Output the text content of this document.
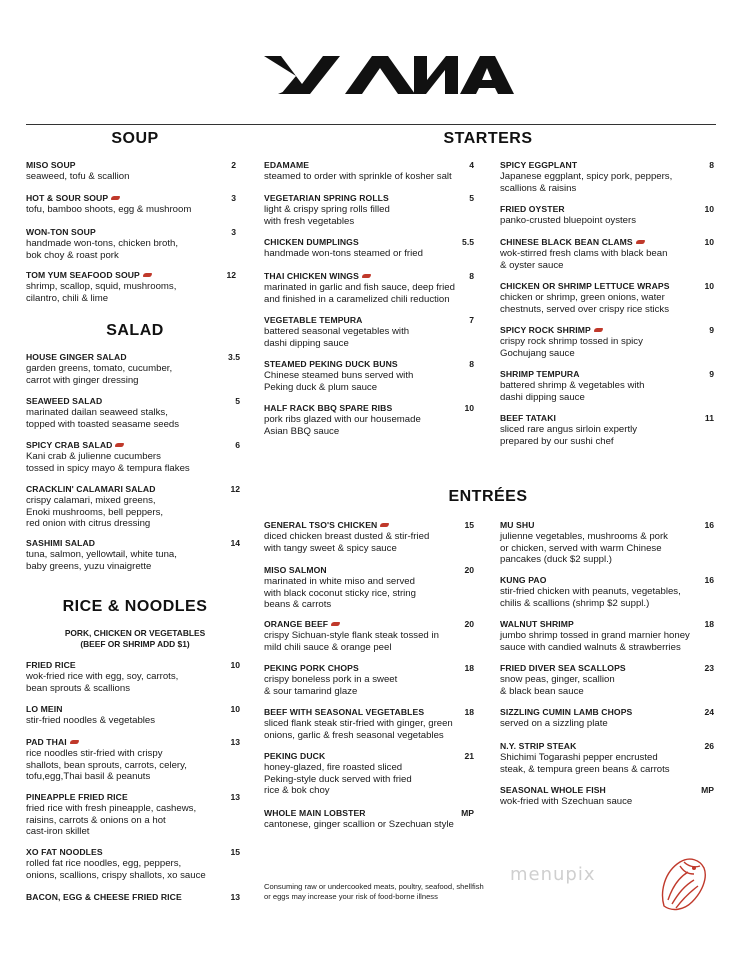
SOUP
MISO SOUP	2
seaweed, tofu & scallion
HOT & SOUR SOUP	3
tofu, bamboo shoots, egg & mushroom
WON-TON SOUP	3
handmade won-tons, chicken broth,
bok choy & roast pork
TOM YUM SEAFOOD SOUP	12
shrimp, scallop, squid, mushrooms,
cilantro, chili & lime
SALAD
HOUSE GINGER SALAD	3.5
garden greens, tomato, cucumber,
carrot with ginger dressing
SEAWEED SALAD	5
marinated dailan seaweed stalks,
topped with toasted seasame seeds
SPICY CRAB SALAD	6
Kani crab & julienne cucumbers
tossed in spicy mayo & tempura flakes
CRACKLIN' CALAMARI SALAD	12
crispy calamari, mixed greens,
Enoki mushrooms, bell peppers,
red onion with citrus dressing
SASHIMI SALAD	14
tuna, salmon, yellowtail, white tuna,
baby greens, yuzu vinaigrette
RICE & NOODLES
PORK, CHICKEN OR VEGETABLES
(BEEF OR SHRIMP ADD $1)
FRIED RICE	10
wok-fried rice with egg, soy, carrots,
bean sprouts & scallions
LO MEIN	10
stir-fried noodles & vegetables
PAD THAI	13
rice noodles stir-fried with crispy
shallots, bean sprouts, carrots, celery,
tofu,egg,Thai basil & peanuts
PINEAPPLE FRIED RICE	13
fried rice with fresh pineapple, cashews,
raisins, carrots & onions on a hot
cast-iron skillet
XO FAT NOODLES	15
rolled fat rice noodles, egg, peppers,
onions, scallions, crispy shallots, xo sauce
BACON, EGG & CHEESE FRIED RICE	13
STARTERS
EDAMAME	4
steamed to order with sprinkle of kosher salt
VEGETARIAN SPRING ROLLS	5
light & crispy spring rolls filled
with fresh vegetables
CHICKEN DUMPLINGS	5.5
handmade won-tons steamed or fried
THAI CHICKEN WINGS	8
marinated in garlic and fish sauce, deep fried
and finished in a caramelized chili reduction
VEGETABLE TEMPURA	7
battered seasonal vegetables with
dashi dipping sauce
STEAMED PEKING DUCK BUNS	8
Chinese steamed buns served with
Peking duck & plum sauce
HALF RACK BBQ SPARE RIBS	10
pork ribs glazed with our housemade
Asian BBQ sauce
SPICY EGGPLANT	8
Japanese eggplant, spicy pork, peppers,
scallions & raisins
FRIED OYSTER	10
panko-crusted bluepoint oysters
CHINESE BLACK BEAN CLAMS	10
wok-stirred fresh clams with black bean
& oyster sauce
CHICKEN OR SHRIMP LETTUCE WRAPS	10
chicken or shrimp, green onions, water
chestnuts, served over crispy rice sticks
SPICY ROCK SHRIMP	9
crispy rock shrimp tossed in spicy
Gochujang sauce
SHRIMP TEMPURA	9
battered shrimp & vegetables with
dashi dipping sauce
BEEF TATAKI	11
sliced rare angus sirloin expertly
prepared by our sushi chef
ENTRÉES
GENERAL TSO'S CHICKEN	15
diced chicken breast dusted & stir-fried
with tangy sweet & spicy sauce
MISO SALMON	20
marinated in white miso and served
with black coconut sticky rice, string
beans & carrots
ORANGE BEEF	20
crispy Sichuan-style flank steak tossed in
mild chili sauce & orange peel
PEKING PORK CHOPS	18
crispy boneless pork in a sweet
& sour tamarind glaze
BEEF WITH SEASONAL VEGETABLES	18
sliced flank steak stir-fried with ginger, green
onions, garlic & fresh seasonal vegetables
PEKING DUCK	21
honey-glazed, fire roasted sliced
Peking-style duck served with fried
rice & bok choy
WHOLE MAIN LOBSTER	MP
cantonese, ginger scallion or Szechuan style
MU SHU	16
julienne vegetables, mushrooms & pork
or chicken, served with warm Chinese
pancakes (duck $2 suppl.)
KUNG PAO	16
stir-fried chicken with peanuts, vegetables,
chilis & scallions (shrimp $2 suppl.)
WALNUT SHRIMP	18
jumbo shrimp tossed in grand marnier honey
sauce with candied walnuts & strawberries
FRIED DIVER SEA SCALLOPS	23
snow peas, ginger, scallion
& black bean sauce
SIZZLING CUMIN LAMB CHOPS	24
served on a sizzling plate
N.Y. STRIP STEAK	26
Shichimi Togarashi pepper encrusted
steak, & tempura green beans & carrots
SEASONAL WHOLE FISH	MP
wok-fried with Szechuan sauce
Consuming raw or undercooked meats, poultry, seafood, shellfish
or eggs may increase your risk of food-borne illness
menupix
